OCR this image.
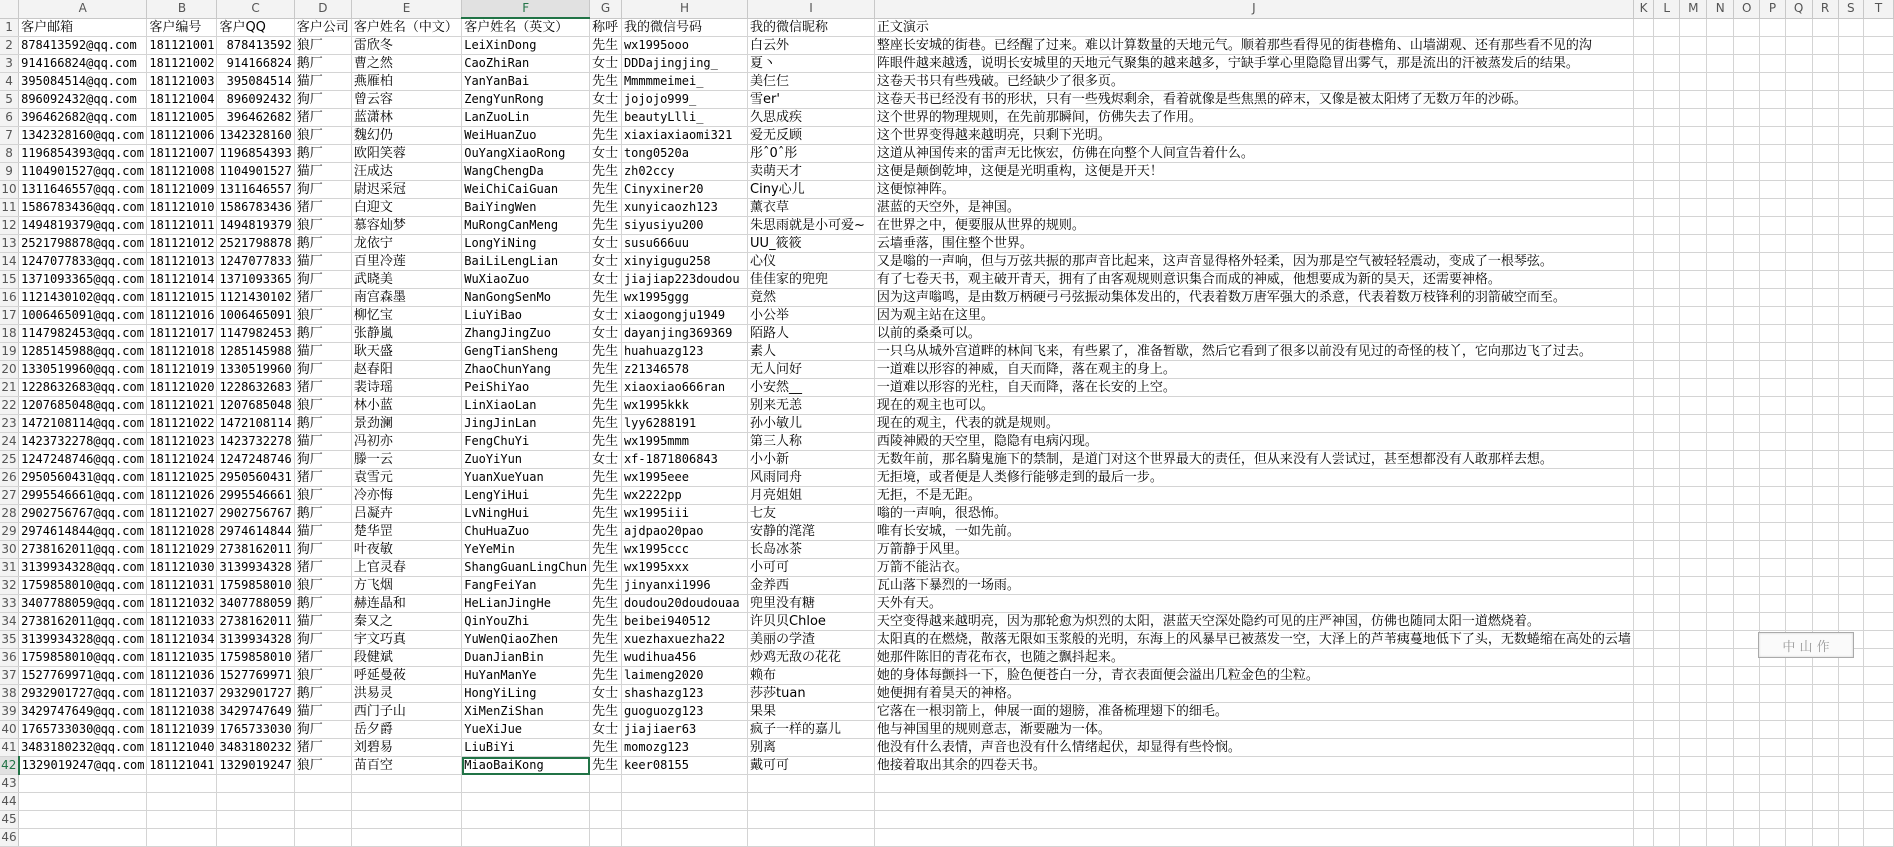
	A	B	C	D	E	F	G	H	I	J	K	L	M	N	O	P	Q	R	S	T
1	客户邮箱	客户编号	客户QQ	客户公司	客户姓名（中文）	客户姓名（英文）	称呼	我的微信号码	我的微信昵称	正文演示										
2	878413592@qq.com	181121001	878413592	狼厂	雷欣冬	LeiXinDong	先生	wx1995ooo	白云外	整座长安城的街巷。已经醒了过来。难以计算数量的天地元气。顺着那些看得见的街巷檐角、山墙湖观、还有那些看不见的沟										
3	914166824@qq.com	181121002	914166824	鹅厂	曹之然	CaoZhiRan	女士	DDDajingjing_	夏丶	阵眼件越来越透，说明长安城里的天地元气聚集的越来越多，宁缺手掌心里隐隐冒出雾气，那是流出的汗被蒸发后的结果。										
4	395084514@qq.com	181121003	395084514	猫厂	燕雁柏	YanYanBai	先生	Mmmmmeimei_	美仨仨	这卷天书只有些残破。已经缺少了很多页。										
5	896092432@qq.com	181121004	896092432	狗厂	曾云容	ZengYunRong	女士	jojojo999_	雪er'	这卷天书已经没有书的形状，只有一些残烬剩余，看着就像是些焦黑的碎末，又像是被太阳烤了无数万年的沙砾。										
6	396462682@qq.com	181121005	396462682	猪厂	蓝潇林	LanZuoLin	先生	beautyLlli_	久思成疾	这个世界的物理规则，在先前那瞬间，仿佛失去了作用。										
7	1342328160@qq.com	181121006	1342328160	狼厂	魏幻仍	WeiHuanZuo	先生	xiaxiaxiaomi321	爱无反顾	这个世界变得越来越明亮，只剩下光明。										
8	1196854393@qq.com	181121007	1196854393	鹅厂	欧阳笑蓉	OuYangXiaoRong	女士	tong0520a	彤ˆ0ˆ彤	这道从神国传来的雷声无比恢宏，仿佛在向整个人间宣告着什么。										
9	1104901527@qq.com	181121008	1104901527	猫厂	汪成达	WangChengDa	先生	zh02ccy	卖萌天才	这便是颠倒乾坤，这便是光明重构，这便是开天！										
10	1311646557@qq.com	181121009	1311646557	狗厂	尉迟采冠	WeiChiCaiGuan	先生	Cinyxiner20	Ciny心儿	这便惊神阵。										
11	1586783436@qq.com	181121010	1586783436	猪厂	白迎文	BaiYingWen	先生	xunyicaozh123	薰衣草	湛蓝的天空外，是神国。										
12	1494819379@qq.com	181121011	1494819379	狼厂	慕容灿梦	MuRongCanMeng	先生	siyusiyu200	朱思雨就是小可爱~	在世界之中，便要服从世界的规则。										
13	2521798878@qq.com	181121012	2521798878	鹅厂	龙依宁	LongYiNing	女士	susu666uu	UU_筱筱	云墙垂落，围住整个世界。										
14	1247077833@qq.com	181121013	1247077833	猫厂	百里冷莲	BaiLiLengLian	女士	xinyigugu258	心仪	又是嗡的一声响，但与万弦共振的那声音比起来，这声音显得格外轻柔，因为那是空气被轻轻震动，变成了一根琴弦。										
15	1371093365@qq.com	181121014	1371093365	狗厂	武晓美	WuXiaoZuo	女士	jiajiap223doudou	佳佳家的兜兜	有了七卷天书，观主破开青天，拥有了由客观规则意识集合而成的神威，他想要成为新的昊天，还需要神格。										
16	1121430102@qq.com	181121015	1121430102	猪厂	南宫森墨	NanGongSenMo	先生	wx1995ggg	竟然	因为这声嗡鸣，是由数万柄硬弓弓弦振动集体发出的，代表着数万唐军强大的杀意，代表着数万枝锋利的羽箭破空而至。										
17	1006465091@qq.com	181121016	1006465091	狼厂	柳忆宝	LiuYiBao	女士	xiaogongju1949	小公举	因为观主站在这里。										
18	1147982453@qq.com	181121017	1147982453	鹅厂	张静嵐	ZhangJingZuo	女士	dayanjing369369	陌路人	以前的桑桑可以。										
19	1285145988@qq.com	181121018	1285145988	猫厂	耿天盛	GengTianSheng	先生	huahuazg123	素人	一只乌从城外宫道畔的林间飞来，有些累了，准备暂歇，然后它看到了很多以前没有见过的奇怪的枝丫，它向那边飞了过去。										
20	1330519960@qq.com	181121019	1330519960	狗厂	赵春阳	ZhaoChunYang	先生	z21346578	无人问好	一道难以形容的神威，自天而降，落在观主的身上。										
21	1228632683@qq.com	181121020	1228632683	猪厂	裴诗瑶	PeiShiYao	先生	xiaoxiao666ran	小安然__	一道难以形容的光柱，自天而降，落在长安的上空。										
22	1207685048@qq.com	181121021	1207685048	狼厂	林小蓝	LinXiaoLan	先生	wx1995kkk	别来无恙	现在的观主也可以。										
23	1472108114@qq.com	181121022	1472108114	鹅厂	景劲澜	JingJinLan	先生	lyy6288191	孙小敏儿	现在的观主，代表的就是规则。										
24	1423732278@qq.com	181121023	1423732278	猫厂	冯初亦	FengChuYi	先生	wx1995mmm	第三人称	西陵神殿的天空里，隐隐有电病闪现。										
25	1247248746@qq.com	181121024	1247248746	狗厂	滕一云	ZuoYiYun	女士	xf-1871806843	小小新	无数年前，那名騎鬼施下的禁制，是道门对这个世界最大的责任，但从来没有人尝试过，甚至想都没有人敢那样去想。										
26	2950560431@qq.com	181121025	2950560431	猪厂	袁雪元	YuanXueYuan	先生	wx1995eee	风雨同舟	无拒境，或者便是人类修行能够走到的最后一步。										
27	2995546661@qq.com	181121026	2995546661	狼厂	冷亦悔	LengYiHui	先生	wx2222pp	月亮姐姐	无拒，不是无距。										
28	2902756767@qq.com	181121027	2902756767	鹅厂	吕凝卉	LvNingHui	先生	wx1995iii	七友	嗡的一声响，很恐怖。										
29	2974614844@qq.com	181121028	2974614844	猫厂	楚华罡	ChuHuaZuo	先生	ajdpao20pao	安静的滗滗	唯有长安城，一如先前。										
30	2738162011@qq.com	181121029	2738162011	狗厂	叶夜敏	YeYeMin	先生	wx1995ccc	长岛冰茶	万箭静于风里。										
31	3139934328@qq.com	181121030	3139934328	猪厂	上官灵春	ShangGuanLingChun	先生	wx1995xxx	小可可	万箭不能沾衣。										
32	1759858010@qq.com	181121031	1759858010	狼厂	方飞烟	FangFeiYan	先生	jinyanxi1996	金养西	瓦山落下暴烈的一场雨。										
33	3407788059@qq.com	181121032	3407788059	鹅厂	赫连晶和	HeLianJingHe	先生	doudou20doudouaa	兜里没有糖	天外有天。										
34	2738162011@qq.com	181121033	2738162011	猫厂	秦又之	QinYouZhi	先生	beibei940512	许贝贝Chloe	天空变得越来越明亮，因为那轮愈为炽烈的太阳，湛蓝天空深处隐约可见的庄严神国，仿佛也随同太阳一道燃烧着。										
35	3139934328@qq.com	181121034	3139934328	狗厂	宇文巧真	YuWenQiaoZhen	先生	xuezhaxuezha22	美丽の学渣	太阳真的在燃烧，散落无限如玉浆般的光明，东海上的风暴早已被蒸发一空，大泽上的芦苇痍蔓地低下了头，无数蜷缩在高处的云墙										
36	1759858010@qq.com	181121035	1759858010	猪厂	段健斌	DuanJianBin	先生	wudihua456	炒鸡无敌の花花	她那件陈旧的青花布衣，也随之飘抖起来。										
37	1527769971@qq.com	181121036	1527769971	狼厂	呼延曼莜	HuYanManYe	先生	laimeng2020	赖布	她的身体每颤抖一下，脸色便苍白一分，青衣表面便会溢出几粒金色的尘粒。										
38	2932901727@qq.com	181121037	2932901727	鹅厂	洪易灵	HongYiLing	女士	shashazg123	莎莎tuan	她便拥有着昊天的神格。										
39	3429747649@qq.com	181121038	3429747649	猫厂	西门子山	XiMenZiShan	先生	guoguozg123	果果	它落在一根羽箭上，伸展一面的翅膀，准备梳理翅下的细毛。										
40	1765733030@qq.com	181121039	1765733030	狗厂	岳夕爵	YueXiJue	女士	jiajiaer63	疯子一样的嘉儿	他与神国里的规则意志，渐要融为一体。										
41	3483180232@qq.com	181121040	3483180232	猪厂	刘碧易	LiuBiYi	先生	momozg123	别离	他没有什么表情，声音也没有什么情绪起伏，却显得有些怜悯。										
42	1329019247@qq.com	181121041	1329019247	狼厂	苗百空	MiaoBaiKong	先生	keer08155	戴可可	他接着取出其余的四卷天书。										
43																				
44																				
45																				
46																				
中 山 作
